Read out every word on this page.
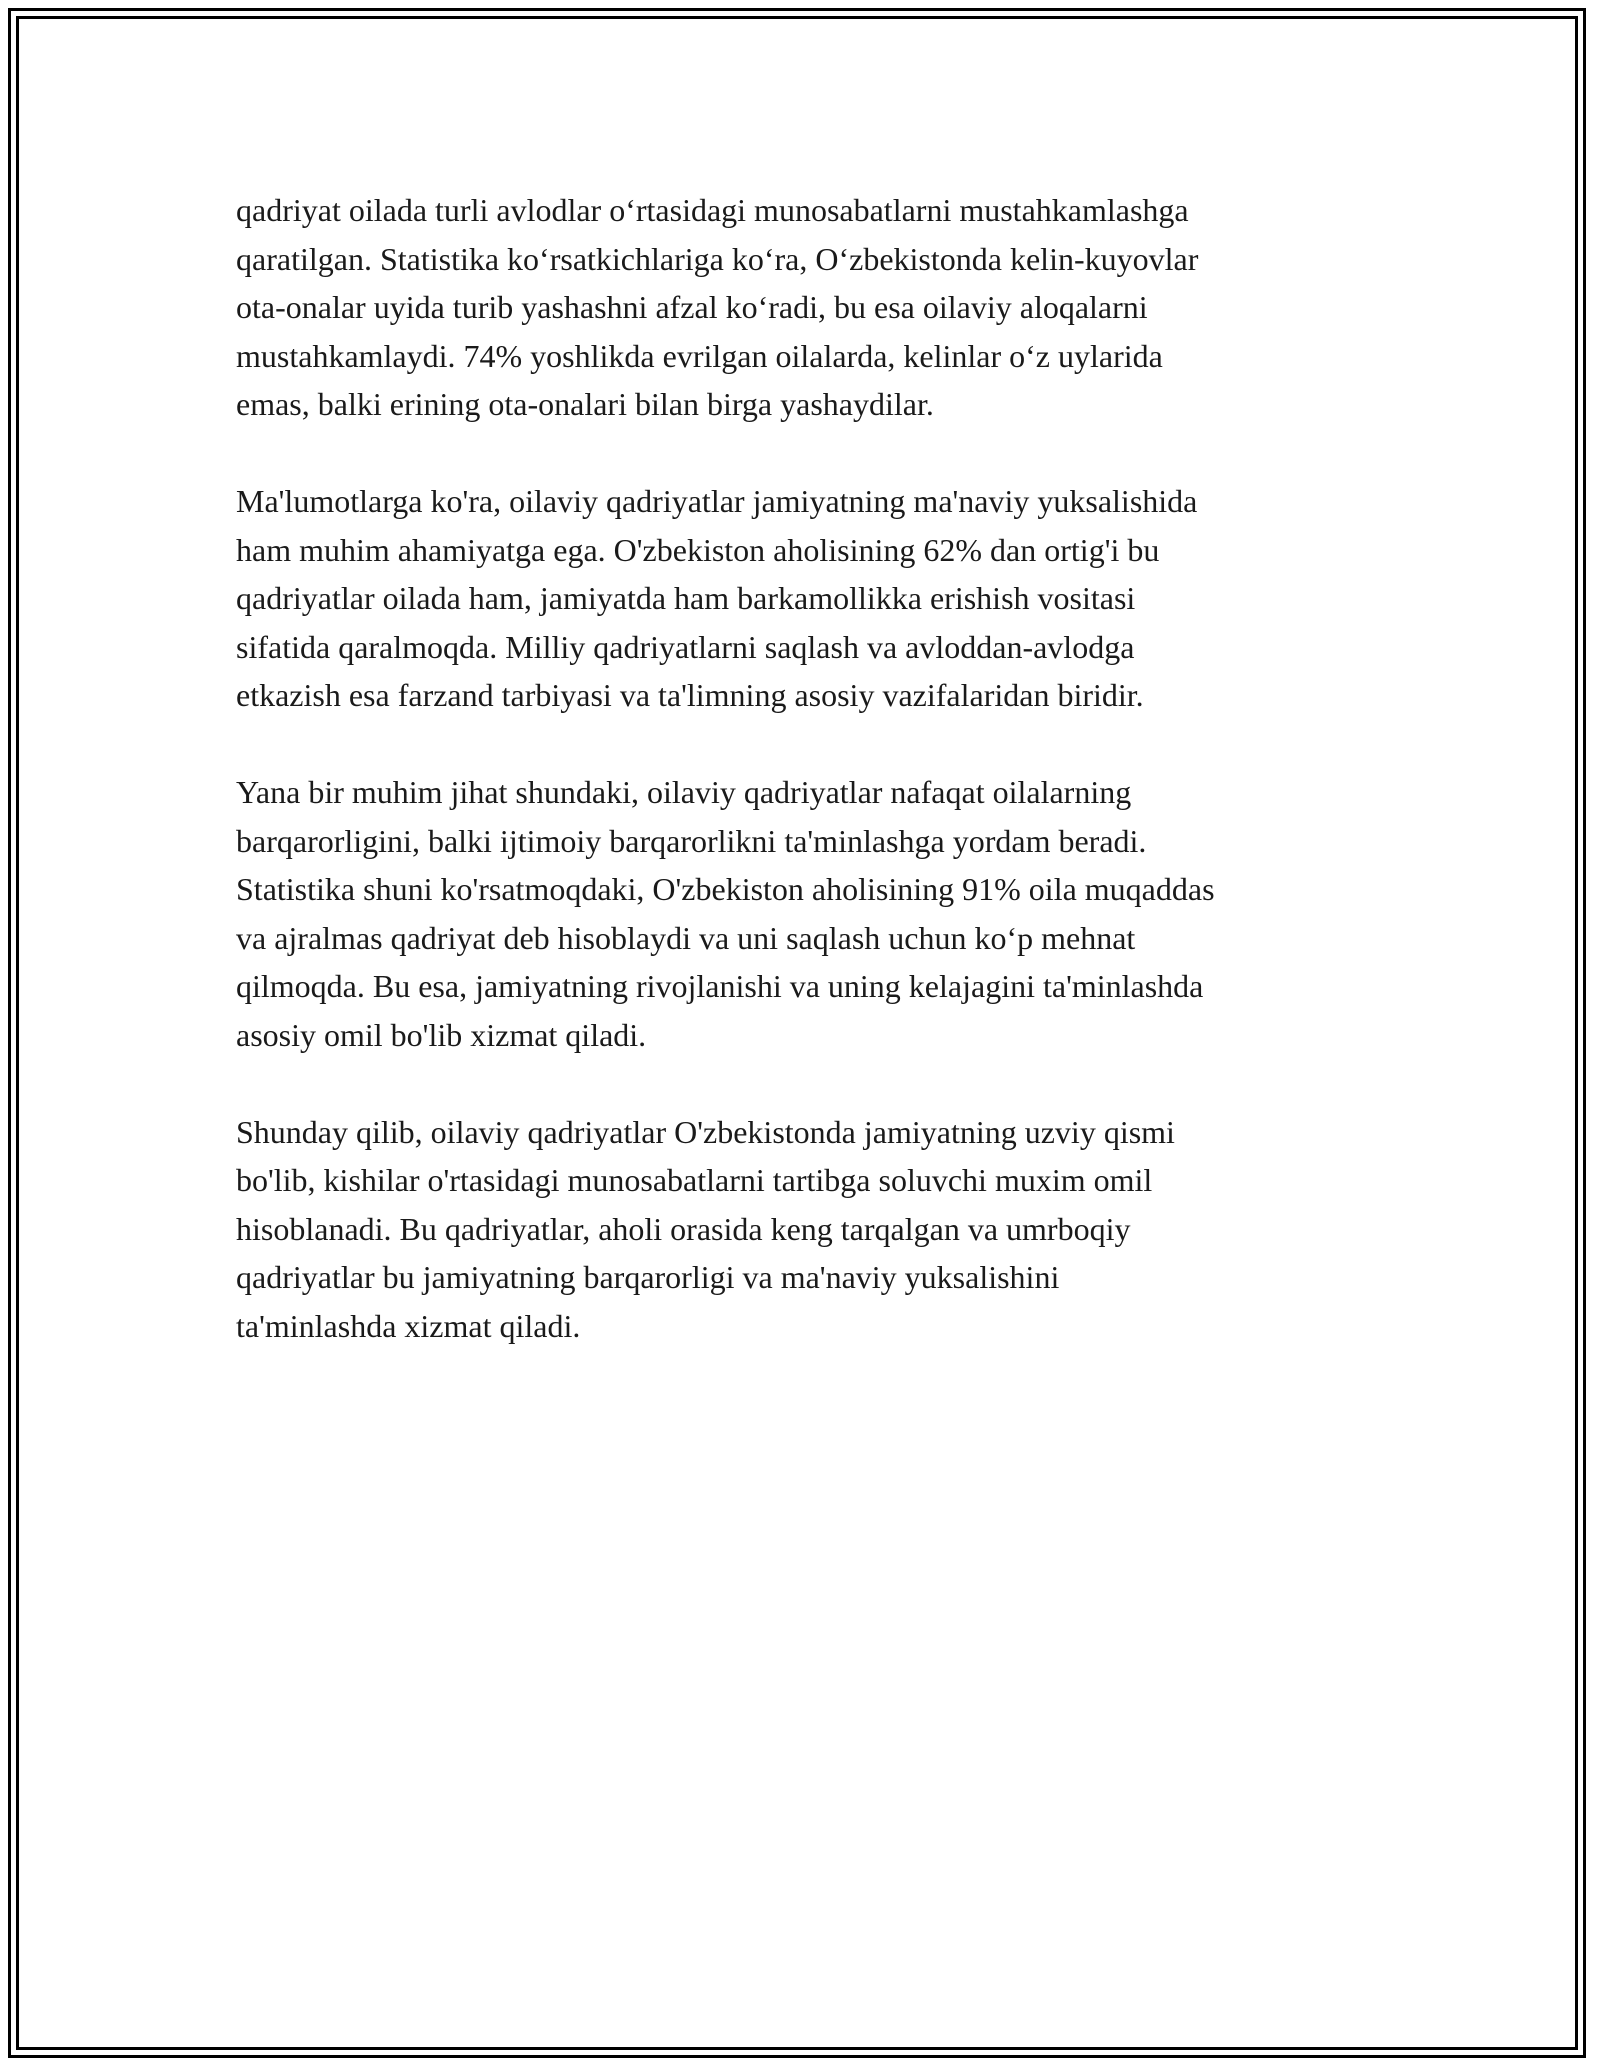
qadriyat oilada turli avlodlar o‘rtasidagi munosabatlarni mustahkamlashga
qaratilgan. Statistika ko‘rsatkichlariga ko‘ra, O‘zbekistonda kelin-kuyovlar
ota-onalar uyida turib yashashni afzal ko‘radi, bu esa oilaviy aloqalarni
mustahkamlaydi. 74% yoshlikda evrilgan oilalarda, kelinlar o‘z uylarida
emas, balki erining ota-onalari bilan birga yashaydilar.

Ma'lumotlarga ko'ra, oilaviy qadriyatlar jamiyatning ma'naviy yuksalishida
ham muhim ahamiyatga ega. O'zbekiston aholisining 62% dan ortig'i bu
qadriyatlar oilada ham, jamiyatda ham barkamollikka erishish vositasi
sifatida qaralmoqda. Milliy qadriyatlarni saqlash va avloddan-avlodga
etkazish esa farzand tarbiyasi va ta'limning asosiy vazifalaridan biridir.

Yana bir muhim jihat shundaki, oilaviy qadriyatlar nafaqat oilalarning
barqarorligini, balki ijtimoiy barqarorlikni ta'minlashga yordam beradi.
Statistika shuni ko'rsatmoqdaki, O'zbekiston aholisining 91% oila muqaddas
va ajralmas qadriyat deb hisoblaydi va uni saqlash uchun ko‘p mehnat
qilmoqda. Bu esa, jamiyatning rivojlanishi va uning kelajagini ta'minlashda
asosiy omil bo'lib xizmat qiladi.

Shunday qilib, oilaviy qadriyatlar O'zbekistonda jamiyatning uzviy qismi
bo'lib, kishilar o'rtasidagi munosabatlarni tartibga soluvchi muxim omil
hisoblanadi. Bu qadriyatlar, aholi orasida keng tarqalgan va umrboqiy
qadriyatlar bu jamiyatning barqarorligi va ma'naviy yuksalishini
ta'minlashda xizmat qiladi.
